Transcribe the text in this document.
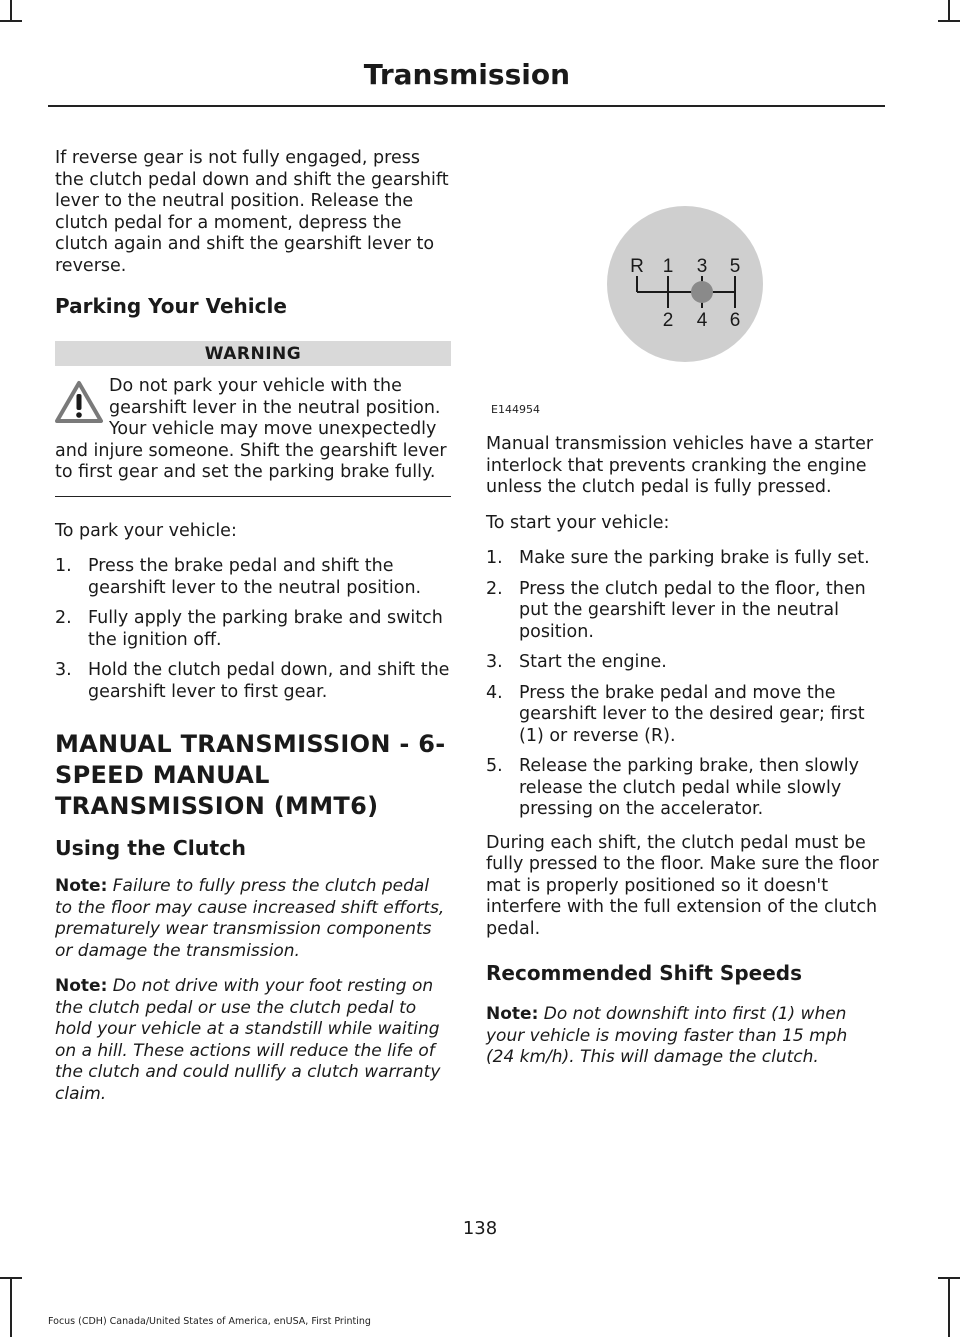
Transmission

If reverse gear is not fully engaged, press the clutch pedal down and shift the gearshift lever to the neutral position. Release the clutch pedal for a moment, depress the clutch again and shift the gearshift lever to reverse.

Parking Your Vehicle
WARNING
Do not park your vehicle with the gearshift lever in the neutral position. Your vehicle may move unexpectedly and injure someone. Shift the gearshift lever to first gear and set the parking brake fully.

To park your vehicle:

1. Press the brake pedal and shift the gearshift lever to the neutral position.
2. Fully apply the parking brake and switch the ignition off.
3. Hold the clutch pedal down, and shift the gearshift lever to first gear.
MANUAL TRANSMISSION - 6-
SPEED MANUAL
TRANSMISSION (MMT6)
Using the Clutch

Note: Failure to fully press the clutch pedal to the floor may cause increased shift efforts, prematurely wear transmission components or damage the transmission.

Note: Do not drive with your foot resting on the clutch pedal or use the clutch pedal to hold your vehicle at a standstill while waiting on a hill. These actions will reduce the life of the clutch and could nullify a clutch warranty claim.

R 1 3 5
2 4 6
E144954

Manual transmission vehicles have a starter interlock that prevents cranking the engine unless the clutch pedal is fully pressed.

To start your vehicle:

1. Make sure the parking brake is fully set.
2. Press the clutch pedal to the floor, then put the gearshift lever in the neutral position.
3. Start the engine.
4. Press the brake pedal and move the gearshift lever to the desired gear; first (1) or reverse (R).
5. Release the parking brake, then slowly release the clutch pedal while slowly pressing on the accelerator.

During each shift, the clutch pedal must be fully pressed to the floor. Make sure the floor mat is properly positioned so it doesn't interfere with the full extension of the clutch pedal.

Recommended Shift Speeds

Note: Do not downshift into first (1) when your vehicle is moving faster than 15 mph (24 km/h). This will damage the clutch.

138
Focus (CDH) Canada/United States of America, enUSA, First Printing
